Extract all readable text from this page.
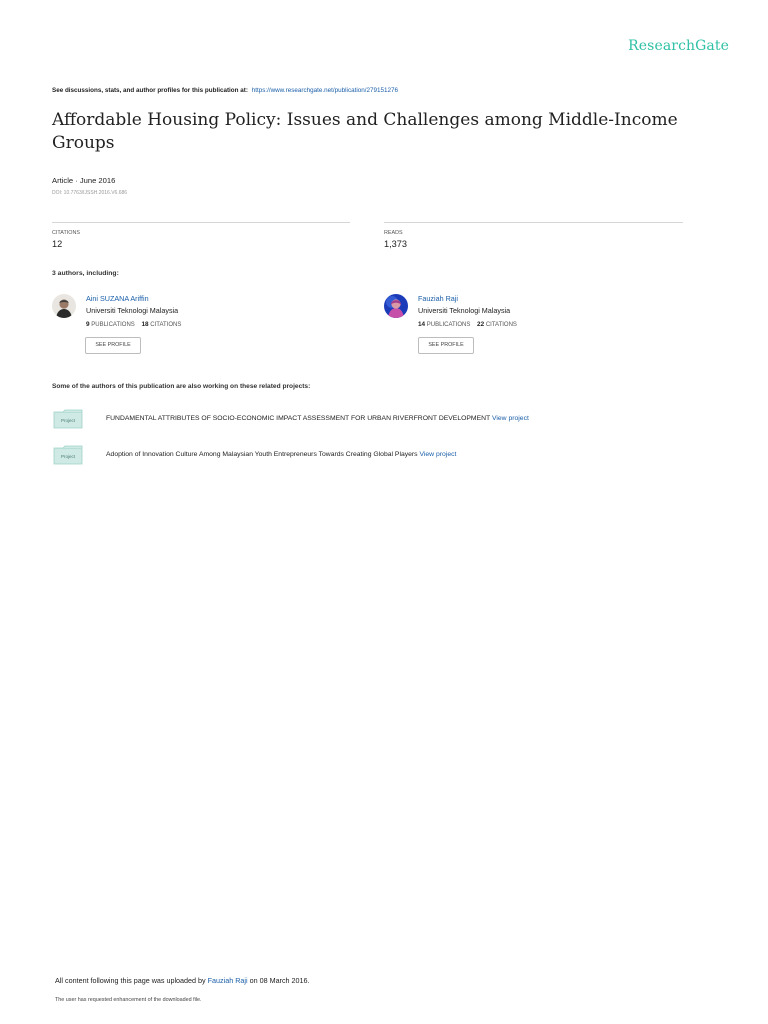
ResearchGate
See discussions, stats, and author profiles for this publication at: https://www.researchgate.net/publication/279151276
Affordable Housing Policy: Issues and Challenges among Middle-Income Groups
Article · June 2016
DOI: 10.7763/IJSSH.2016.V6.686
CITATIONS
12
READS
1,373
3 authors, including:
Aini SUZANA Ariffin
Universiti Teknologi Malaysia
9 PUBLICATIONS 18 CITATIONS
SEE PROFILE
Fauziah Raji
Universiti Teknologi Malaysia
14 PUBLICATIONS 22 CITATIONS
SEE PROFILE
Some of the authors of this publication are also working on these related projects:
Project	FUNDAMENTAL ATTRIBUTES OF SOCIO-ECONOMIC IMPACT ASSESSMENT FOR URBAN RIVERFRONT DEVELOPMENT View project
Project	Adoption of Innovation Culture Among Malaysian Youth Entrepreneurs Towards Creating Global Players View project
All content following this page was uploaded by Fauziah Raji on 08 March 2016.
The user has requested enhancement of the downloaded file.
